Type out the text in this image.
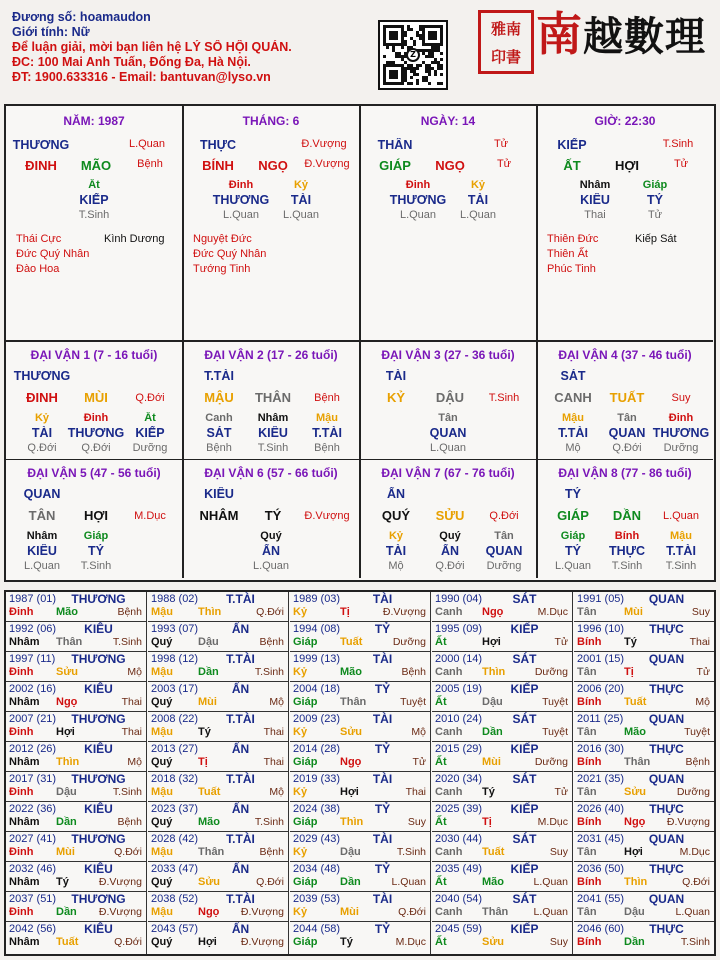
Đương số: hoamaudon
Giới tính: Nữ
Để luận giải, mời bạn liên hệ LÝ SỐ HỘI QUÁN.
ĐC: 100 Mai Anh Tuấn, Đống Đa, Hà Nội.
ĐT: 1900.633316 - Email: bantuvan@lyso.vn
Z
雅南
印書 南越數理
NĂM: 1987
THƯƠNG	L.Quan
ĐINH	MÃO	Bệnh
Ất
KIẾP
T.Sinh
Thái Cực
Đức Quý Nhân
Đào Hoa
Kình Dương
THÁNG: 6
THỰC	Đ.Vượng
BÍNH	NGỌ	Đ.Vượng
Đinh
THƯƠNG
L.Quan
Kỷ
TÀI
L.Quan
Nguyệt Đức
Đức Quý Nhân
Tướng Tinh
NGÀY: 14
THÂN	Tử
GIÁP	NGỌ	Tử
Đinh
THƯƠNG
L.Quan
Kỷ
TÀI
L.Quan
GIỜ: 22:30
KIẾP	T.Sinh
ẤT	HỢI	Tử
Nhâm
KIÊU
Thai
Giáp
TỶ
Tử
Thiên Đức
Thiên Ất
Phúc Tinh
Kiếp Sát
ĐẠI VẬN 1 (7 - 16 tuổi)
THƯƠNG
ĐINH	MÙI	Q.Đới
Kỷ
TÀI
Q.Đới
Đinh
THƯƠNG
Q.Đới
Ất
KIẾP
Dưỡng
ĐẠI VẬN 2 (17 - 26 tuổi)
T.TÀI
MẬU	THÂN	Bệnh
Canh
SÁT
Bệnh
Nhâm
KIÊU
T.Sinh
Mậu
T.TÀI
Bệnh
ĐẠI VẬN 3 (27 - 36 tuổi)
TÀI
KỶ	DẬU	T.Sinh
Tân
QUAN
L.Quan
ĐẠI VẬN 4 (37 - 46 tuổi)
SÁT
CANH	TUẤT	Suy
Mậu
T.TÀI
Mộ
Tân
QUAN
Q.Đới
Đinh
THƯƠNG
Dưỡng
ĐẠI VẬN 5 (47 - 56 tuổi)
QUAN
TÂN	HỢI	M.Dục
Nhâm
KIÊU
L.Quan
Giáp
TỶ
T.Sinh
ĐẠI VẬN 6 (57 - 66 tuổi)
KIÊU
NHÂM	TÝ	Đ.Vượng
Quý
ẤN
L.Quan
ĐẠI VẬN 7 (67 - 76 tuổi)
ẤN
QUÝ	SỬU	Q.Đới
Kỷ
TÀI
Mộ
Quý
ẤN
Q.Đới
Tân
QUAN
Dưỡng
ĐẠI VẬN 8 (77 - 86 tuổi)
TỶ
GIÁP	DẦN	L.Quan
Giáp
TỶ
L.Quan
Bính
THỰC
T.Sinh
Mậu
T.TÀI
T.Sinh
1987 (01)	THƯƠNG
Đinh Mão	Bệnh
1988 (02)	T.TÀI
Mậu Thìn	Q.Đới
1989 (03)	TÀI
Kỷ	Tị	Đ.Vượng
1990 (04)	SÁT
Canh Ngọ	M.Dục
1991 (05)	QUAN
Tân Mùi	Suy
1992 (06)	KIÊU
Nhâm Thân	T.Sinh
1993 (07)	ẤN
Quý Dậu	Bệnh
1994 (08)	TỶ
Giáp Tuất	Dưỡng
1995 (09)	KIẾP
Ất	Hợi	Tử
1996 (10)	THỰC
Bính Tý	Thai
1997 (11)	THƯƠNG
Đinh Sửu	Mộ
1998 (12)	T.TÀI
Mậu Dần	T.Sinh
1999 (13)	TÀI
Kỷ	Mão	Bệnh
2000 (14)	SÁT
Canh Thìn	Dưỡng
2001 (15)	QUAN
Tân Tị	Tử
2002 (16)	KIÊU
Nhâm Ngọ	Thai
2003 (17)	ẤN
Quý Mùi	Mộ
2004 (18)	TỶ
Giáp Thân	Tuyệt
2005 (19)	KIẾP
Ất	Dậu	Tuyệt
2006 (20)	THỰC
Bính Tuất	Mộ
2007 (21)	THƯƠNG
Đinh Hợi	Thai
2008 (22)	T.TÀI
Mậu Tý	Thai
2009 (23)	TÀI
Kỷ	Sửu	Mộ
2010 (24)	SÁT
Canh Dần	Tuyệt
2011 (25)	QUAN
Tân Mão	Tuyệt
2012 (26)	KIÊU
Nhâm Thìn	Mộ
2013 (27)	ẤN
Quý Tị	Thai
2014 (28)	TỶ
Giáp Ngọ	Tử
2015 (29)	KIẾP
Ất	Mùi	Dưỡng
2016 (30)	THỰC
Bính Thân	Bệnh
2017 (31)	THƯƠNG
Đinh Dậu	T.Sinh
2018 (32)	T.TÀI
Mậu Tuất	Mộ
2019 (33)	TÀI
Kỷ	Hợi	Thai
2020 (34)	SÁT
Canh Tý	Tử
2021 (35)	QUAN
Tân Sửu	Dưỡng
2022 (36)	KIÊU
Nhâm Dần	Bệnh
2023 (37)	ẤN
Quý Mão	T.Sinh
2024 (38)	TỶ
Giáp Thìn	Suy
2025 (39)	KIẾP
Ất	Tị	M.Dục
2026 (40)	THỰC
Bính Ngọ Đ.Vượng
2027 (41)	THƯƠNG
Đinh Mùi	Q.Đới
2028 (42)	T.TÀI
Mậu Thân	Bệnh
2029 (43)	TÀI
Kỷ	Dậu	T.Sinh
2030 (44)	SÁT
Canh Tuất	Suy
2031 (45)	QUAN
Tân Hợi	M.Dục
2032 (46)	KIÊU
Nhâm Tý	Đ.Vượng
2033 (47)	ẤN
Quý Sửu	Q.Đới
2034 (48)	TỶ
Giáp Dần	L.Quan
2035 (49)	KIẾP
Ất	Mão	L.Quan
2036 (50)	THỰC
Bính Thìn	Q.Đới
2037 (51)	THƯƠNG
Đinh Dần Đ.Vượng
2038 (52)	T.TÀI
Mậu Ngọ Đ.Vượng
2039 (53)	TÀI
Kỷ	Mùi	Q.Đới
2040 (54)	SÁT
Canh Thân L.Quan
2041 (55)	QUAN
Tân Dậu	L.Quan
2042 (56)	KIÊU
Nhâm Tuất	Q.Đới
2043 (57)	ẤN
Quý Hợi Đ.Vượng
2044 (58)	TỶ
Giáp Tý	M.Dục
2045 (59)	KIẾP
Ất	Sửu	Suy
2046 (60)	THỰC
Bính Dần	T.Sinh
